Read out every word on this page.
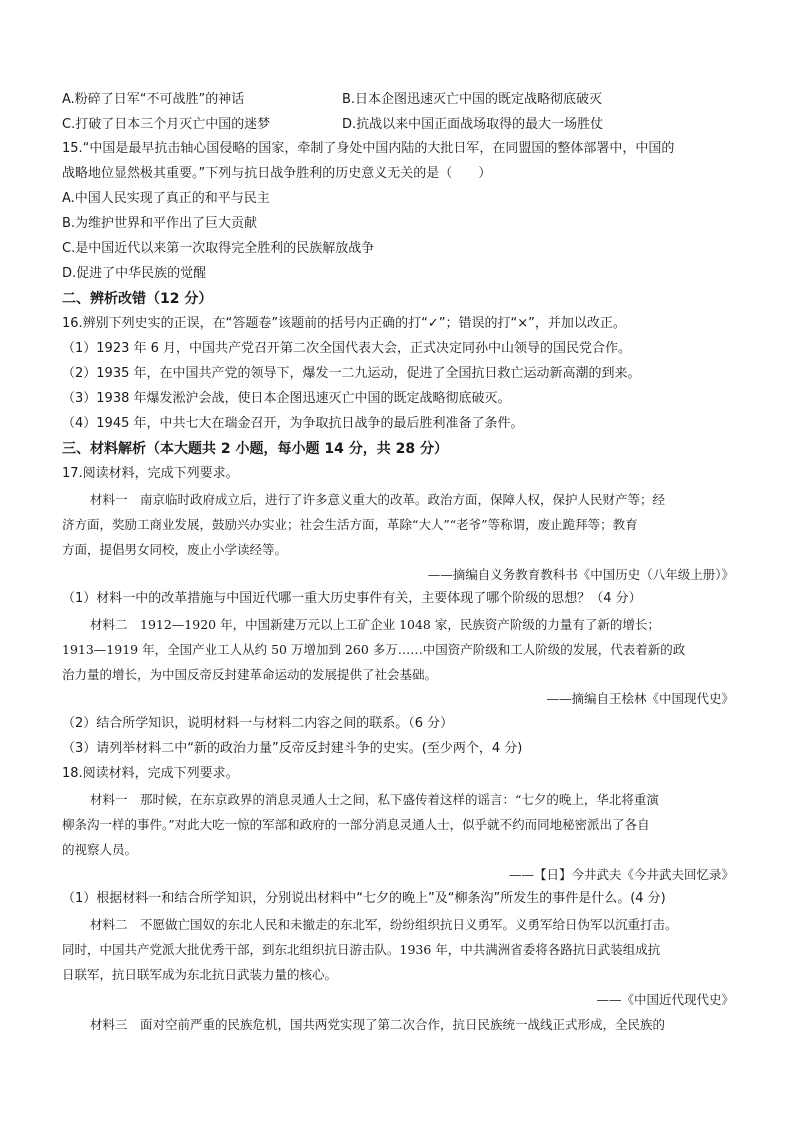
A.粉碎了日军“不可战胜”的神话	B.日本企图迅速灭亡中国的既定战略彻底破灭
C.打破了日本三个月灭亡中国的迷梦	D.抗战以来中国正面战场取得的最大一场胜仗
15.“中国是最早抗击轴心国侵略的国家，牵制了身处中国内陆的大批日军，在同盟国的整体部署中，中国的
战略地位显然极其重要。”下列与抗日战争胜利的历史意义无关的是（　　）
A.中国人民实现了真正的和平与民主
B.为维护世界和平作出了巨大贡献
C.是中国近代以来第一次取得完全胜利的民族解放战争
D.促进了中华民族的觉醒
二、辨析改错（12 分）
16.辨别下列史实的正误，在“答题卷”该题前的括号内正确的打“✓”；错误的打“×”，并加以改正。
（1）1923 年 6 月，中国共产党召开第二次全国代表大会，正式决定同孙中山领导的国民党合作。
（2）1935 年，在中国共产党的领导下，爆发一二九运动，促进了全国抗日救亡运动新高潮的到来。
（3）1938 年爆发淞沪会战，使日本企图迅速灭亡中国的既定战略彻底破灭。
（4）1945 年，中共七大在瑞金召开，为争取抗日战争的最后胜利准备了条件。
三、材料解析（本大题共 2 小题，每小题 14 分，共 28 分）
17.阅读材料，完成下列要求。
材料一　南京临时政府成立后，进行了许多意义重大的改革。政治方面，保障人权，保护人民财产等；经
济方面，奖励工商业发展，鼓励兴办实业；社会生活方面，革除“大人”“老爷”等称谓，废止跪拜等；教育
方面，提倡男女同校，废止小学读经等。
——摘编自义务教育教科书《中国历史（八年级上册）》
（1）材料一中的改革措施与中国近代哪一重大历史事件有关，主要体现了哪个阶级的思想？（4 分）
材料二　1912—1920 年，中国新建万元以上工矿企业 1048 家，民族资产阶级的力量有了新的增长；
1913—1919 年，全国产业工人从约 50 万增加到 260 多万……中国资产阶级和工人阶级的发展，代表着新的政
治力量的增长，为中国反帝反封建革命运动的发展提供了社会基础。
——摘编自王桧林《中国现代史》
（2）结合所学知识，说明材料一与材料二内容之间的联系。（6 分）
（3）请列举材料二中“新的政治力量”反帝反封建斗争的史实。(至少两个，4 分)
18.阅读材料，完成下列要求。
材料一　那时候，在东京政界的消息灵通人士之间，私下盛传着这样的谣言：“七夕的晚上，华北将重演
柳条沟一样的事件。”对此大吃一惊的军部和政府的一部分消息灵通人士，似乎就不约而同地秘密派出了各自
的视察人员。
——【日】今井武夫《今井武夫回忆录》
（1）根据材料一和结合所学知识，分别说出材料中“七夕的晚上”及“柳条沟”所发生的事件是什么。(4 分)
材料二　不愿做亡国奴的东北人民和未撤走的东北军，纷纷组织抗日义勇军。义勇军给日伪军以沉重打击。
同时，中国共产党派大批优秀干部，到东北组织抗日游击队。1936 年，中共满洲省委将各路抗日武装组成抗
日联军，抗日联军成为东北抗日武装力量的核心。
——《中国近代现代史》
材料三　面对空前严重的民族危机，国共两党实现了第二次合作，抗日民族统一战线正式形成，全民族的
